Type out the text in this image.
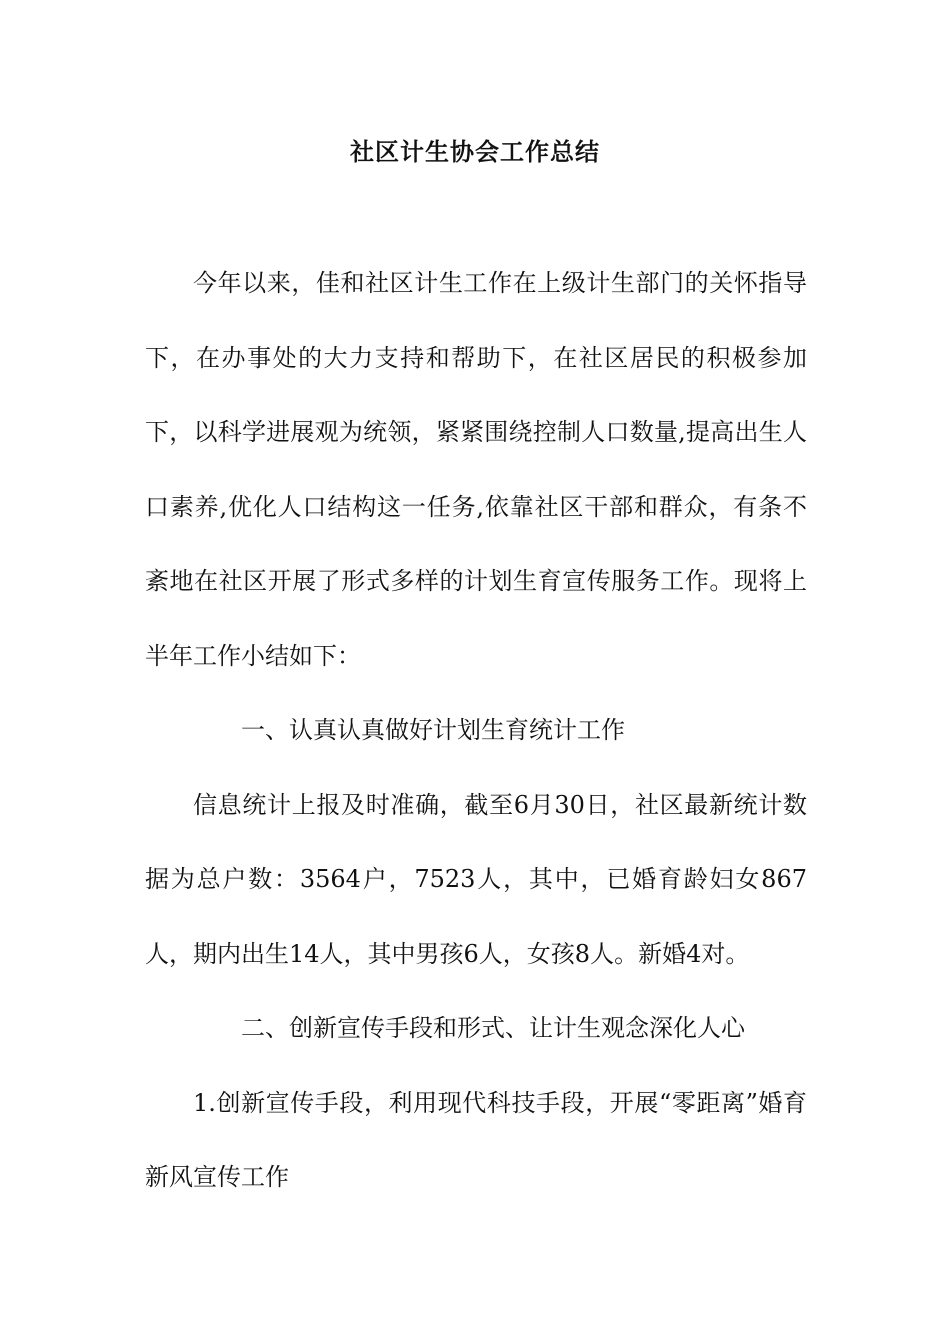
社区计生协会工作总结

今年以来，佳和社区计生工作在上级计生部门的关怀指导下，在办事处的大力支持和帮助下，在社区居民的积极参加下，以科学进展观为统领，紧紧围绕控制人口数量,提高出生人口素养,优化人口结构这一任务,依靠社区干部和群众，有条不紊地在社区开展了形式多样的计划生育宣传服务工作。现将上半年工作小结如下：

一、认真认真做好计划生育统计工作

信息统计上报及时准确，截至6月30日，社区最新统计数据为总户数：3564户，7523人，其中，已婚育龄妇女867人，期内出生14人，其中男孩6人，女孩8人。新婚4对。

二、创新宣传手段和形式、让计生观念深化人心

1.创新宣传手段，利用现代科技手段，开展“零距离”婚育新风宣传工作
